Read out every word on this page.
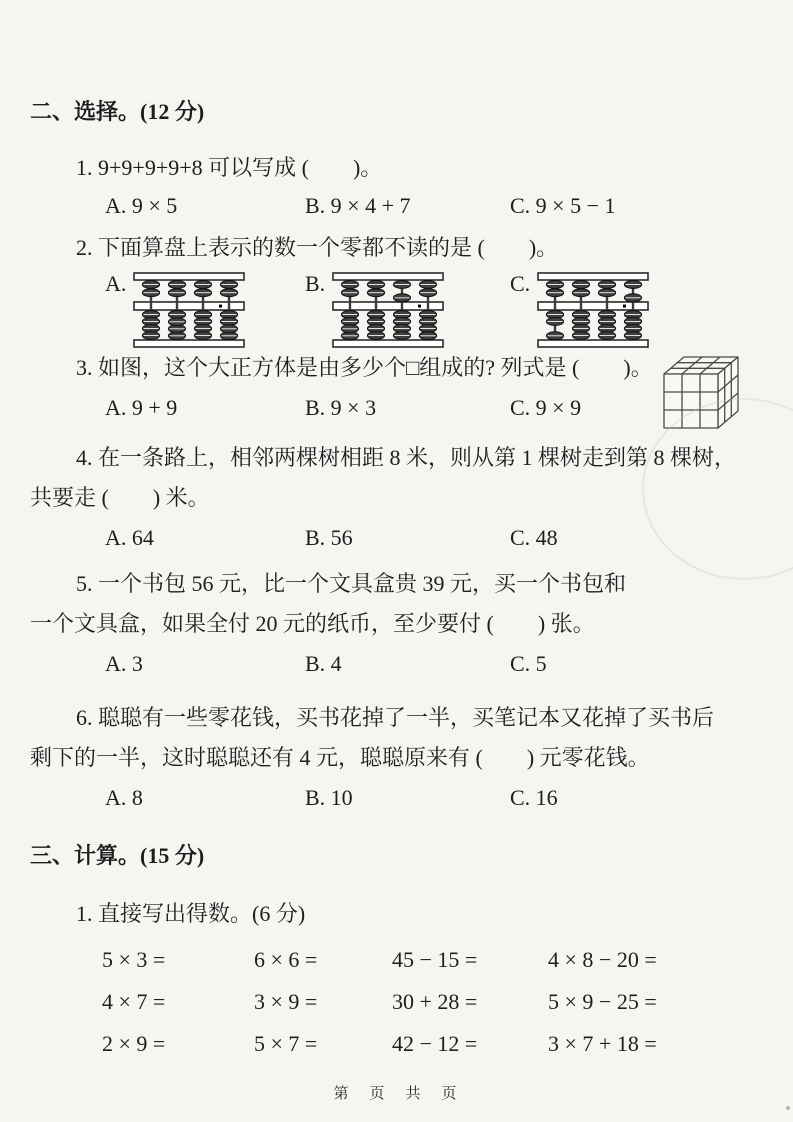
二、选择。(12 分)
1. 9+9+9+9+8 可以写成 (        )。
A. 9 × 5	B. 9 × 4 + 7	C. 9 × 5 − 1
2. 下面算盘上表示的数一个零都不读的是 (        )。
A.	B.	C.
3. 如图，这个大正方体是由多少个□组成的? 列式是 (        )。
A. 9 + 9	B. 9 × 3	C. 9 × 9
4. 在一条路上，相邻两棵树相距 8 米，则从第 1 棵树走到第 8 棵树，
共要走 (        ) 米。
A. 64	B. 56	C. 48
5. 一个书包 56 元，比一个文具盒贵 39 元，买一个书包和
一个文具盒，如果全付 20 元的纸币，至少要付 (        ) 张。
A. 3	B. 4	C. 5
6. 聪聪有一些零花钱，买书花掉了一半，买笔记本又花掉了买书后
剩下的一半，这时聪聪还有 4 元，聪聪原来有 (        ) 元零花钱。
A. 8	B. 10	C. 16
三、计算。(15 分)
1. 直接写出得数。(6 分)
5 × 3 =	6 × 6 =	45 − 15 =	4 × 8 − 20 =
4 × 7 =	3 × 9 =	30 + 28 =	5 × 9 − 25 =
2 × 9 =	5 × 7 =	42 − 12 =	3 × 7 + 18 =
第　页　共　页
